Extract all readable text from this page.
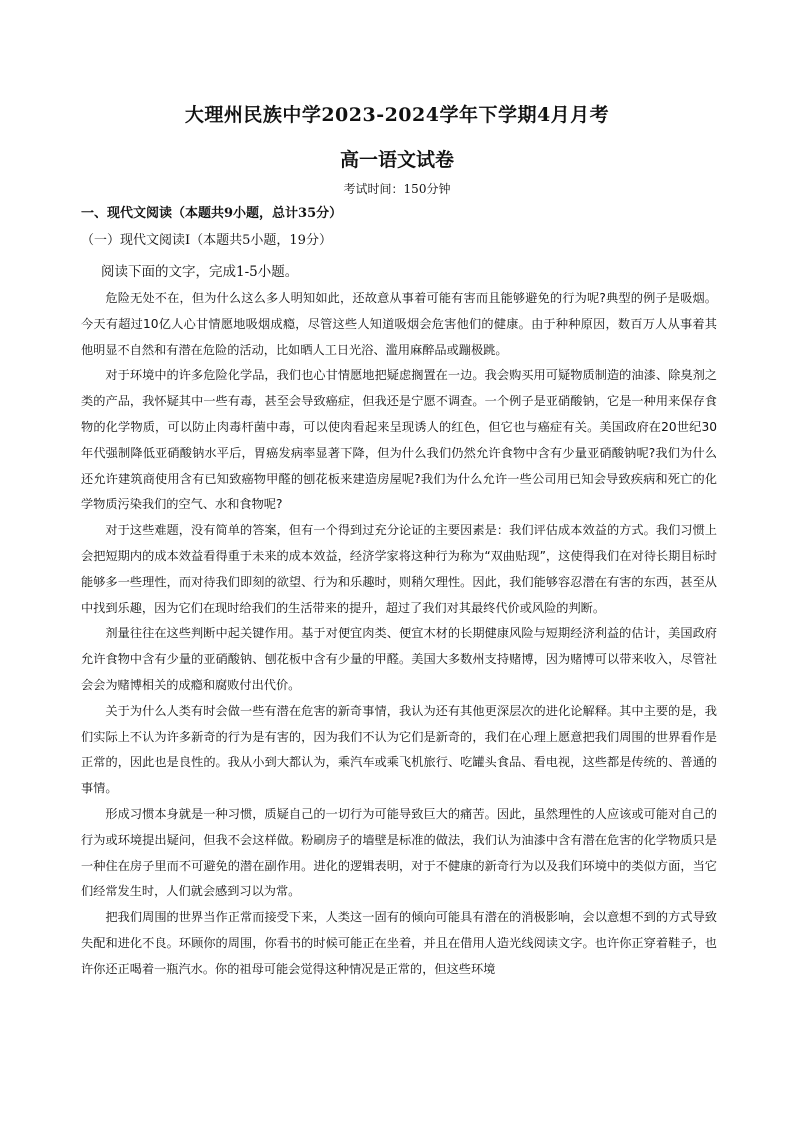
大理州民族中学2023-2024学年下学期4月月考
高一语文试卷
考试时间：150分钟
一、现代文阅读（本题共9小题，总计35分）
（一）现代文阅读Ⅰ（本题共5小题，19分）
阅读下面的文字，完成1-5小题。

危险无处不在，但为什么这么多人明知如此，还故意从事着可能有害而且能够避免的行为呢?典型的例子是吸烟。今天有超过10亿人心甘情愿地吸烟成瘾，尽管这些人知道吸烟会危害他们的健康。由于种种原因，数百万人从事着其他明显不自然和有潜在危险的活动，比如晒人工日光浴、滥用麻醉品或蹦极跳。

对于环境中的许多危险化学品，我们也心甘情愿地把疑虑搁置在一边。我会购买用可疑物质制造的油漆、除臭剂之类的产品，我怀疑其中一些有毒，甚至会导致癌症，但我还是宁愿不调查。一个例子是亚硝酸钠，它是一种用来保存食物的化学物质，可以防止肉毒杆菌中毒，可以使肉看起来呈现诱人的红色，但它也与癌症有关。美国政府在20世纪30年代强制降低亚硝酸钠水平后，胃癌发病率显著下降，但为什么我们仍然允许食物中含有少量亚硝酸钠呢?我们为什么还允许建筑商使用含有已知致癌物甲醛的刨花板来建造房屋呢?我们为什么允许一些公司用已知会导致疾病和死亡的化学物质污染我们的空气、水和食物呢?

对于这些难题，没有简单的答案，但有一个得到过充分论证的主要因素是：我们评估成本效益的方式。我们习惯上会把短期内的成本效益看得重于未来的成本效益，经济学家将这种行为称为“双曲贴现”，这使得我们在对待长期目标时能够多一些理性，而对待我们即刻的欲望、行为和乐趣时，则稍欠理性。因此，我们能够容忍潜在有害的东西，甚至从中找到乐趣，因为它们在现时给我们的生活带来的提升，超过了我们对其最终代价或风险的判断。

剂量往往在这些判断中起关键作用。基于对便宜肉类、便宜木材的长期健康风险与短期经济利益的估计，美国政府允许食物中含有少量的亚硝酸钠、刨花板中含有少量的甲醛。美国大多数州支持赌博，因为赌博可以带来收入，尽管社会会为赌博相关的成瘾和腐败付出代价。

关于为什么人类有时会做一些有潜在危害的新奇事情，我认为还有其他更深层次的进化论解释。其中主要的是，我们实际上不认为许多新奇的行为是有害的，因为我们不认为它们是新奇的，我们在心理上愿意把我们周围的世界看作是正常的，因此也是良性的。我从小到大都认为，乘汽车或乘飞机旅行、吃罐头食品、看电视，这些都是传统的、普通的事情。

形成习惯本身就是一种习惯，质疑自己的一切行为可能导致巨大的痛苦。因此，虽然理性的人应该或可能对自己的行为或环境提出疑问，但我不会这样做。粉刷房子的墙壁是标准的做法，我们认为油漆中含有潜在危害的化学物质只是一种住在房子里而不可避免的潜在副作用。进化的逻辑表明，对于不健康的新奇行为以及我们环境中的类似方面，当它们经常发生时，人们就会感到习以为常。

把我们周围的世界当作正常而接受下来，人类这一固有的倾向可能具有潜在的消极影响，会以意想不到的方式导致失配和进化不良。环顾你的周围，你看书的时候可能正在坐着，并且在借用人造光线阅读文字。也许你正穿着鞋子，也许你还正喝着一瓶汽水。你的祖母可能会觉得这种情况是正常的，但这些环境
